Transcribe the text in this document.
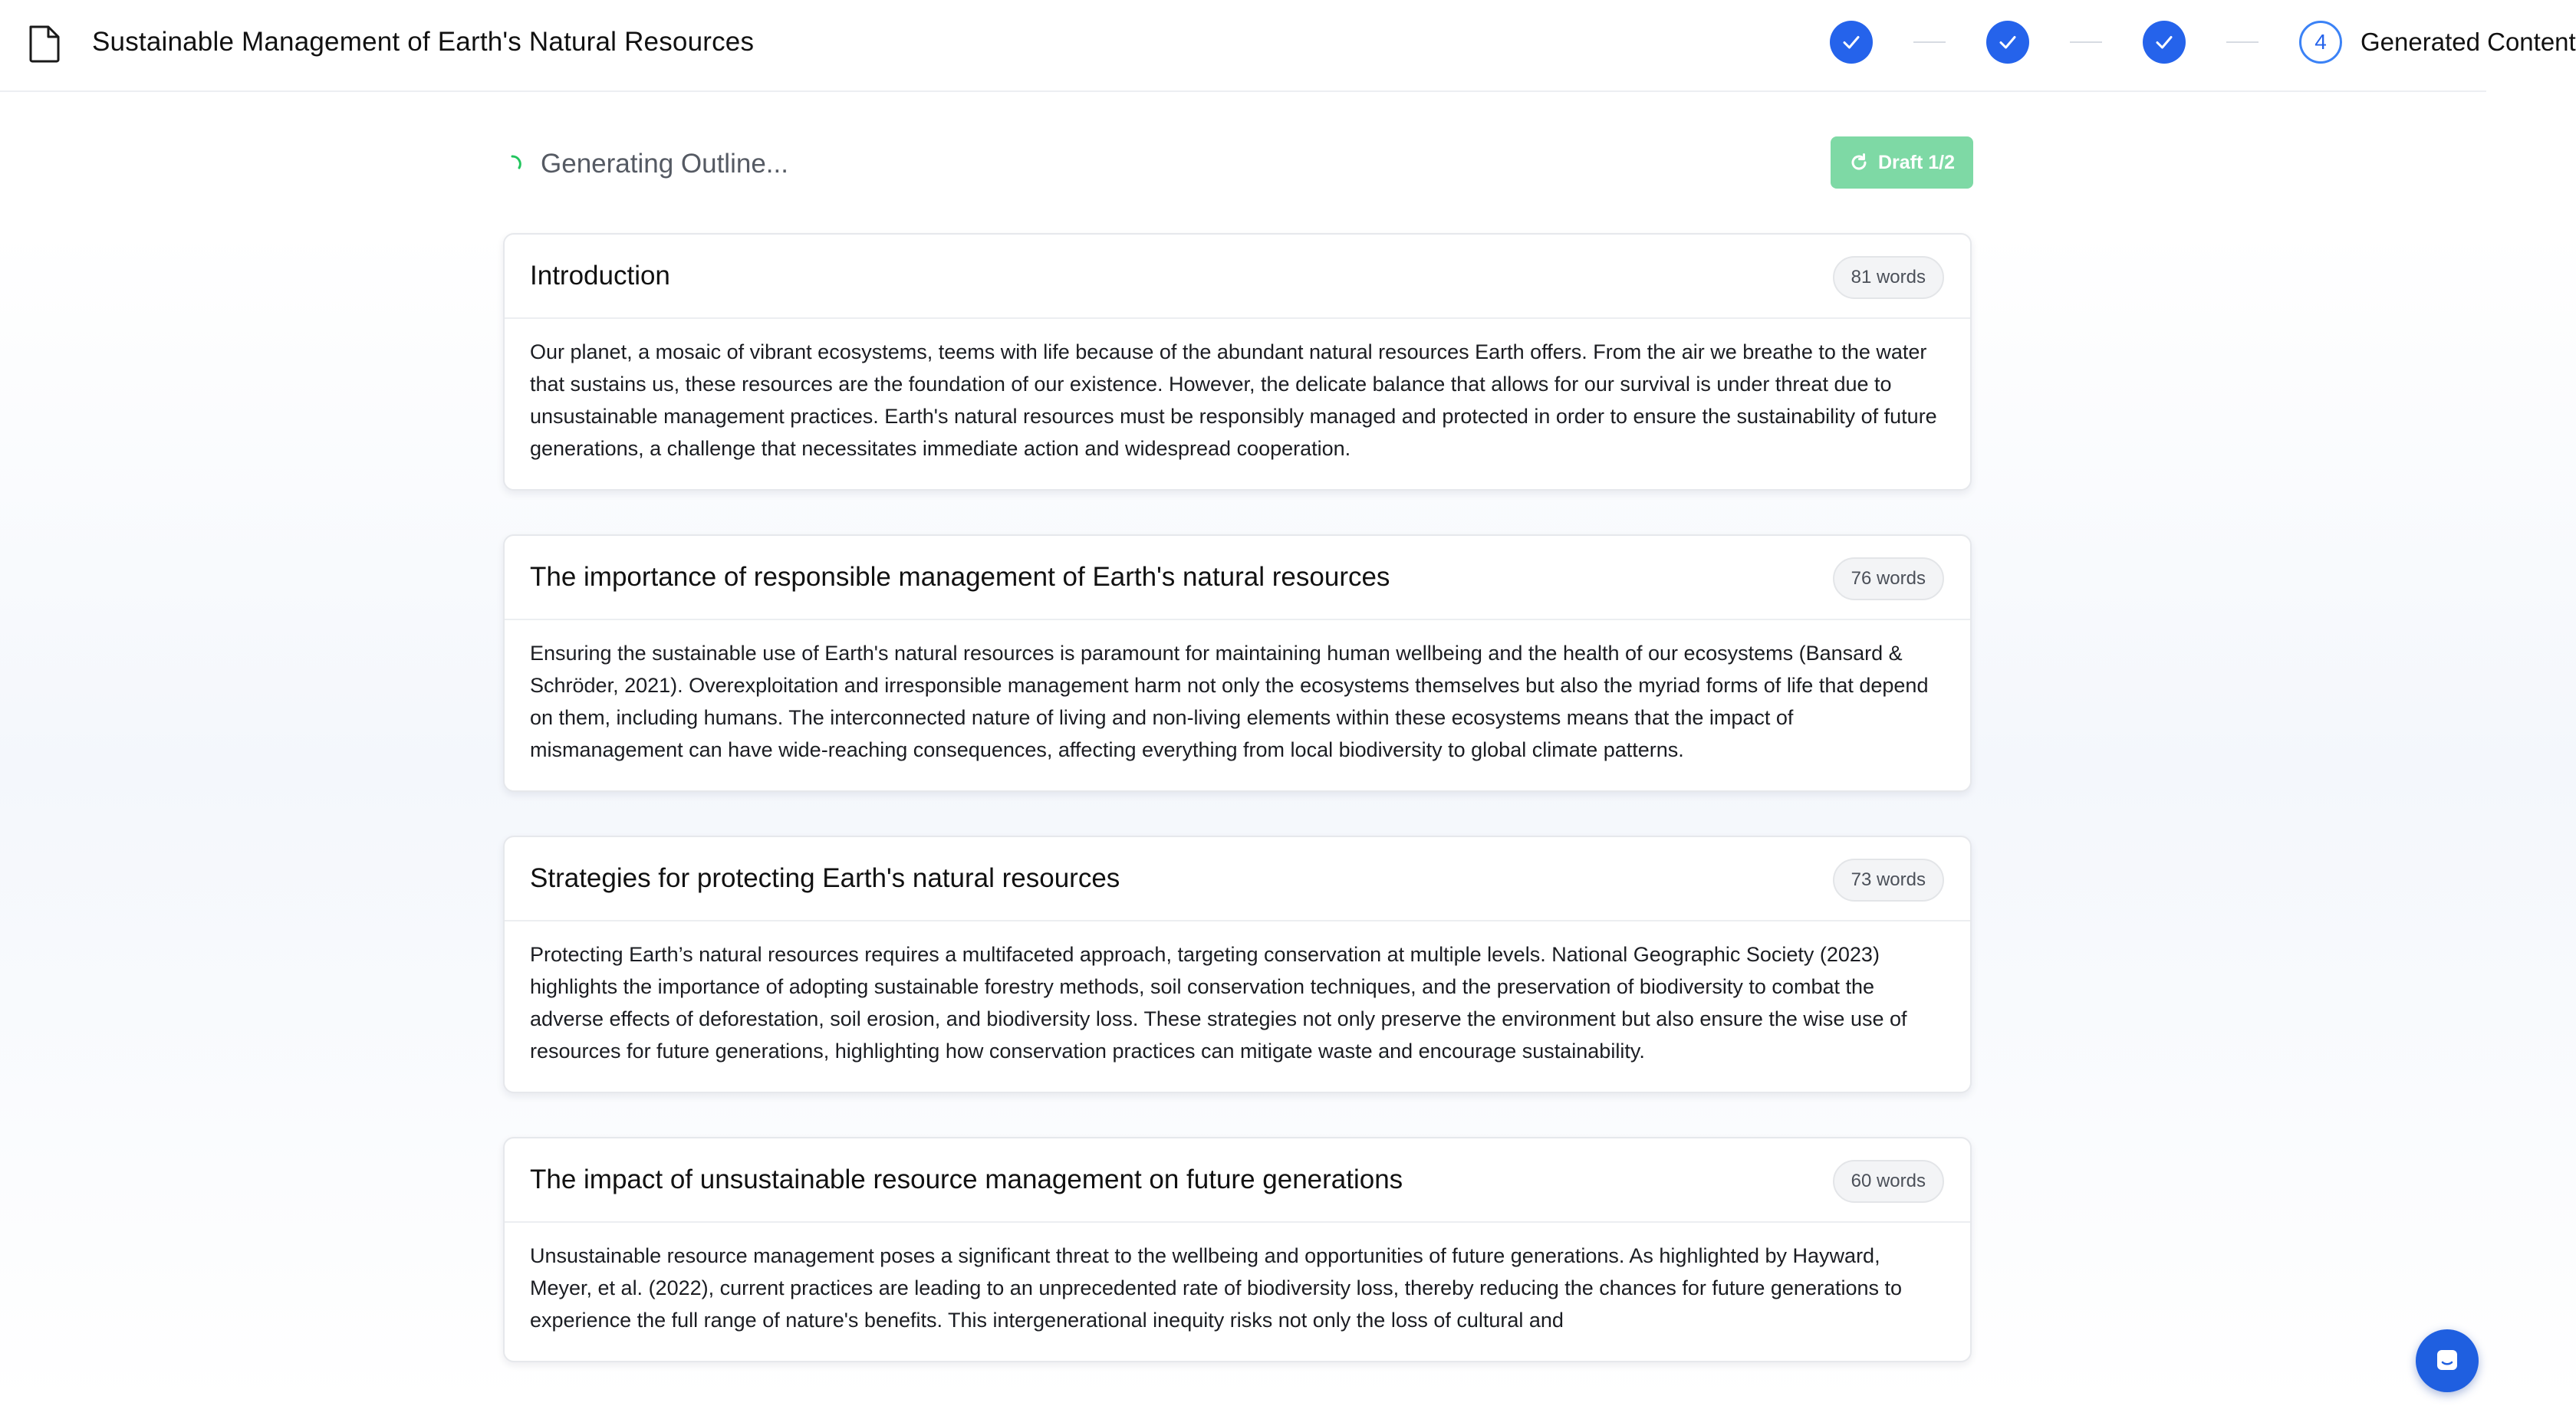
Sustainable Management of Earth's Natural Resources	4 Generated Content
Generating Outline...	Draft 1/2
Introduction	81 words
Our planet, a mosaic of vibrant ecosystems, teems with life because of the abundant natural resources Earth offers. From the air we breathe to the water that sustains us, these resources are the foundation of our existence. However, the delicate balance that allows for our survival is under threat due to unsustainable management practices. Earth's natural resources must be responsibly managed and protected in order to ensure the sustainability of future generations, a challenge that necessitates immediate action and widespread cooperation.
The importance of responsible management of Earth's natural resources	76 words
Ensuring the sustainable use of Earth's natural resources is paramount for maintaining human wellbeing and the health of our ecosystems (Bansard & Schröder, 2021). Overexploitation and irresponsible management harm not only the ecosystems themselves but also the myriad forms of life that depend on them, including humans. The interconnected nature of living and non-living elements within these ecosystems means that the impact of mismanagement can have wide-reaching consequences, affecting everything from local biodiversity to global climate patterns.
Strategies for protecting Earth's natural resources	73 words
Protecting Earth’s natural resources requires a multifaceted approach, targeting conservation at multiple levels. National Geographic Society (2023) highlights the importance of adopting sustainable forestry methods, soil conservation techniques, and the preservation of biodiversity to combat the adverse effects of deforestation, soil erosion, and biodiversity loss. These strategies not only preserve the environment but also ensure the wise use of resources for future generations, highlighting how conservation practices can mitigate waste and encourage sustainability.
The impact of unsustainable resource management on future generations	60 words
Unsustainable resource management poses a significant threat to the wellbeing and opportunities of future generations. As highlighted by Hayward, Meyer, et al. (2022), current practices are leading to an unprecedented rate of biodiversity loss, thereby reducing the chances for future generations to experience the full range of nature's benefits. This intergenerational inequity risks not only the loss of cultural and
